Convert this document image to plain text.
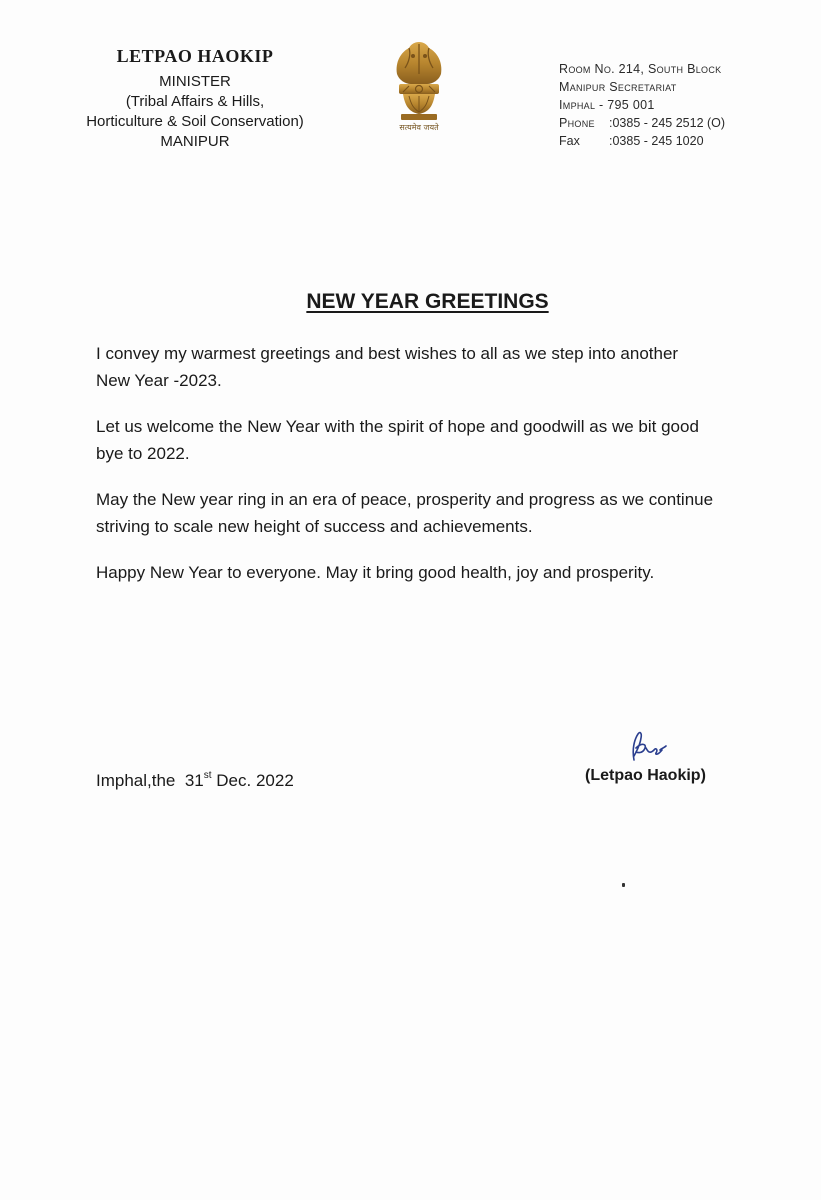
LETPAO HAOKIP
MINISTER
(Tribal Affairs & Hills,
Horticulture & Soil Conservation)
MANIPUR
सत्यमेव जयते
Room No. 214, South Block
Manipur Secretariat
Imphal - 795 001
Phone :0385 - 245 2512 (O)
Fax :0385 - 245 1020
NEW YEAR GREETINGS

I convey my warmest greetings and best wishes to all as we step into another
New Year -2023.

Let us welcome the New Year with the spirit of hope and goodwill as we bit good
bye to 2022.

May the New year ring in an era of peace, prosperity and progress as we continue
striving to scale new height of success and achievements.

Happy New Year to everyone. May it bring good health, joy and prosperity.

Imphal,the 31st Dec. 2022	(Letpao Haokip)
